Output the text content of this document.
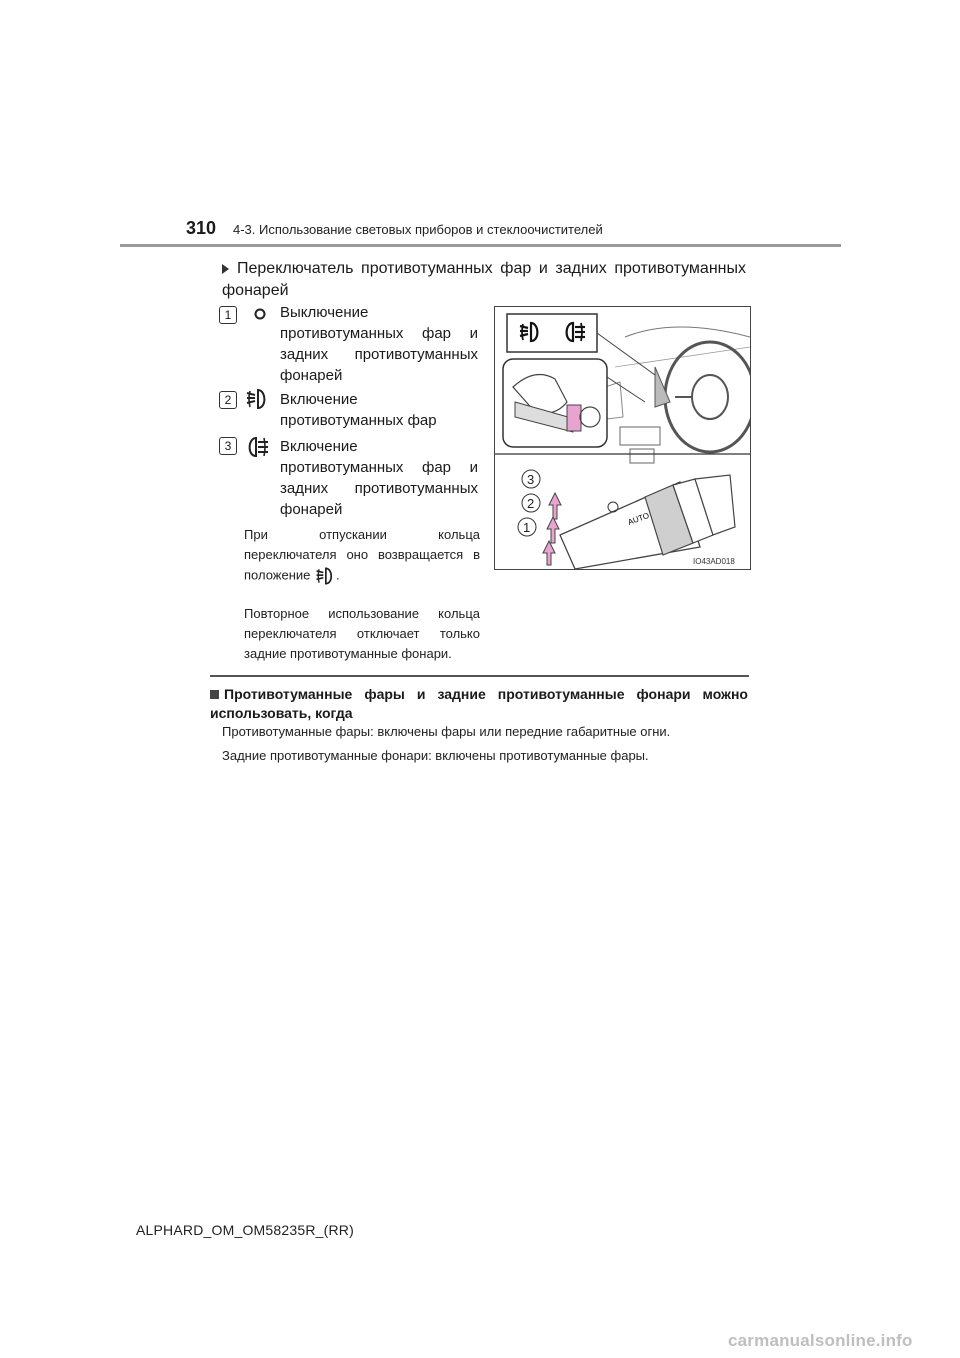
310 4-3. Использование световых приборов и стеклоочистителей
Переключатель противотуманных фар и задних противотуманных фонарей
1	Выключение противотуманных фар и задних противотуманных фонарей
2	Включение противотуманных фар
3	Включение противотуманных фар и задних противотуманных фонарей
При отпускании кольца переключателя оно возвращается в положение .
Повторное использование кольца переключателя отключает только задние противотуманные фонари.
AUTO
3
2
1
IO43AD018
Противотуманные фары и задние противотуманные фонари можно использовать, когда
Противотуманные фары: включены фары или передние габаритные огни.
Задние противотуманные фонари: включены противотуманные фары.
ALPHARD_OM_OM58235R_(RR)
carmanualsonline.info
